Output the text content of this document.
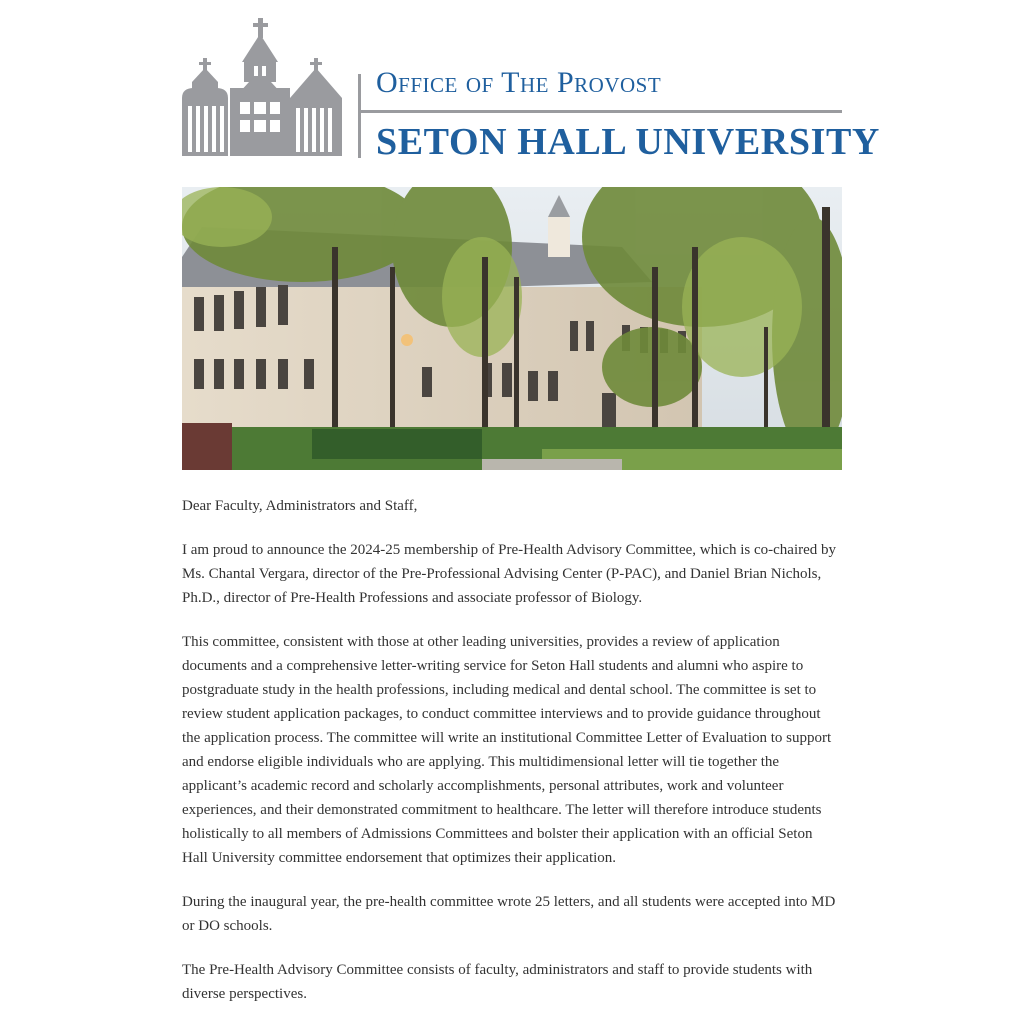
Office of The Provost
SETON HALL UNIVERSITY

Dear Faculty, Administrators and Staff,

I am proud to announce the 2024-25 membership of Pre-Health Advisory Committee, which is co-chaired by Ms. Chantal Vergara, director of the Pre-Professional Advising Center (P-PAC), and Daniel Brian Nichols, Ph.D., director of Pre-Health Professions and associate professor of Biology.

This committee, consistent with those at other leading universities, provides a review of application documents and a comprehensive letter-writing service for Seton Hall students and alumni who aspire to postgraduate study in the health professions, including medical and dental school. The committee is set to review student application packages, to conduct committee interviews and to provide guidance throughout the application process. The committee will write an institutional Committee Letter of Evaluation to support and endorse eligible individuals who are applying. This multidimensional letter will tie together the applicant’s academic record and scholarly accomplishments, personal attributes, work and volunteer experiences, and their demonstrated commitment to healthcare. The letter will therefore introduce students holistically to all members of Admissions Committees and bolster their application with an official Seton Hall University committee endorsement that optimizes their application.

During the inaugural year, the pre-health committee wrote 25 letters, and all students were accepted into MD or DO schools.

The Pre-Health Advisory Committee consists of faculty, administrators and staff to provide students with diverse perspectives.
